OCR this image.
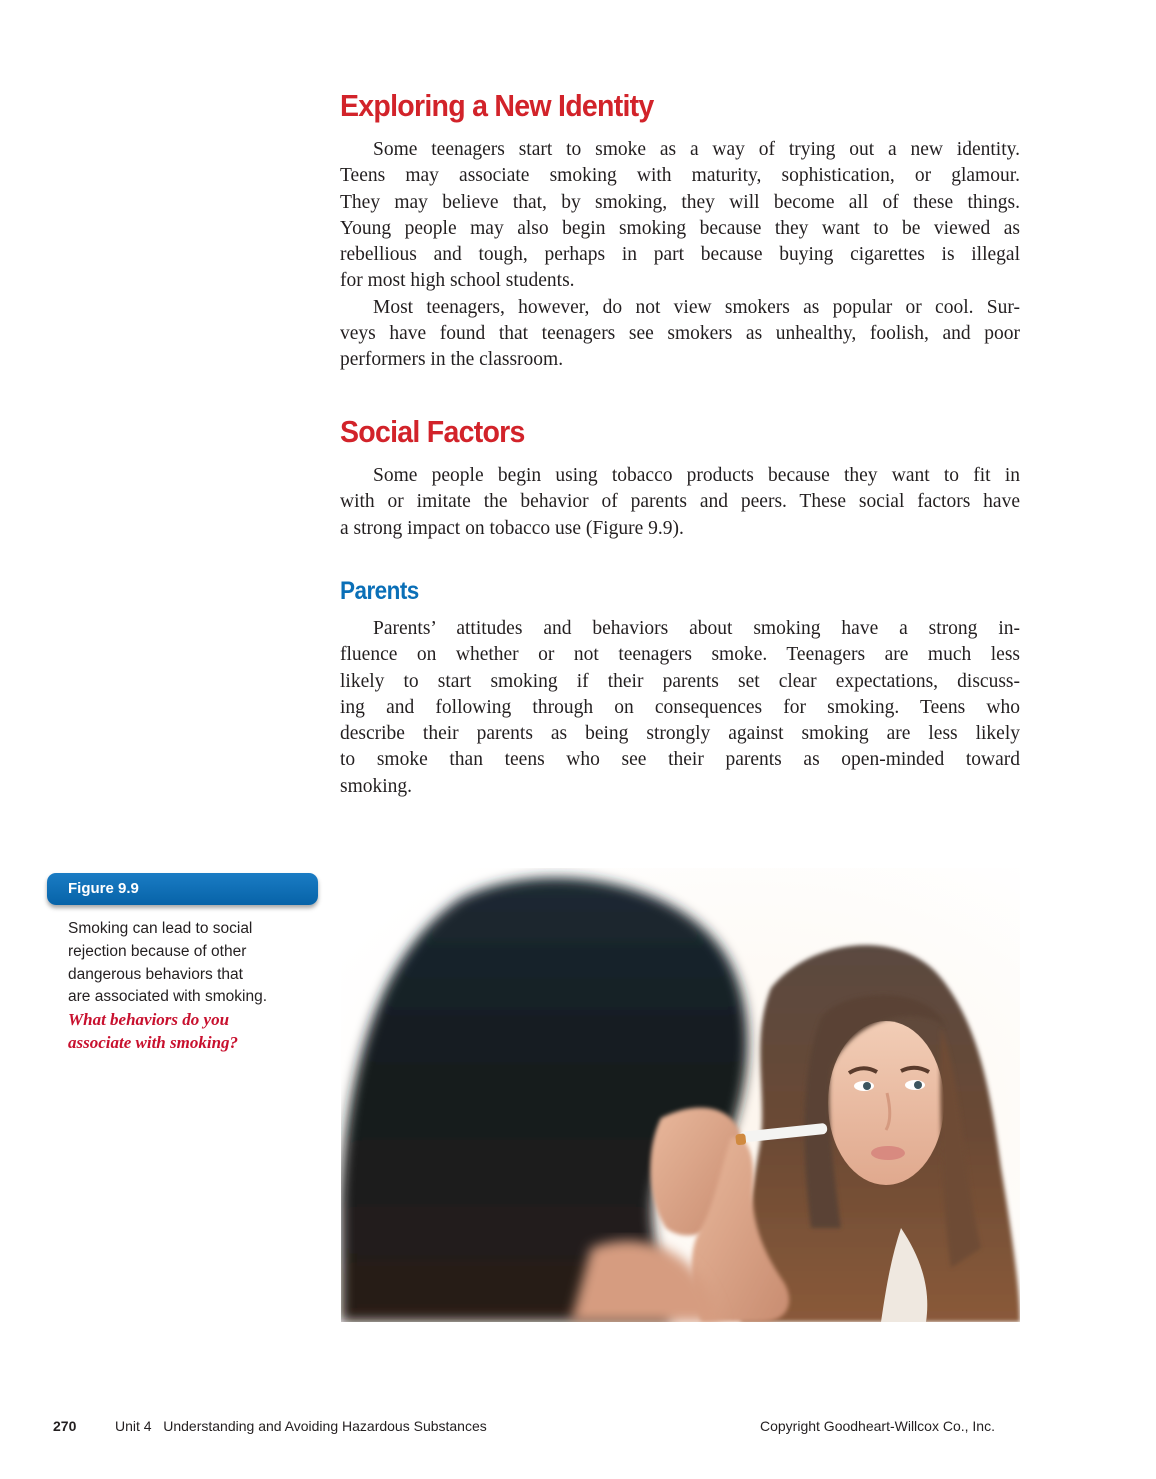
Exploring a New Identity

Some teenagers start to smoke as a way of trying out a new identity.
Teens may associate smoking with maturity, sophistication, or glamour.
They may believe that, by smoking, they will become all of these things.
Young people may also begin smoking because they want to be viewed as
rebellious and tough, perhaps in part because buying cigarettes is illegal
for most high school students.

Most teenagers, however, do not view smokers as popular or cool. Sur-
veys have found that teenagers see smokers as unhealthy, foolish, and poor
performers in the classroom.

Social Factors

Some people begin using tobacco products because they want to fit in
with or imitate the behavior of parents and peers. These social factors have
a strong impact on tobacco use (Figure 9.9).

Parents

Parents’ attitudes and behaviors about smoking have a strong in-
fluence on whether or not teenagers smoke. Teenagers are much less
likely to start smoking if their parents set clear expectations, discuss-
ing and following through on consequences for smoking. Teens who
describe their parents as being strongly against smoking are less likely
to smoke than teens who see their parents as open-minded toward
smoking.

Figure 9.9
Smoking can lead to social
rejection because of other
dangerous behaviors that
are associated with smoking.
What behaviors do you
associate with smoking?
270	Unit 4   Understanding and Avoiding Hazardous Substances	Copyright Goodheart-Willcox Co., Inc.
